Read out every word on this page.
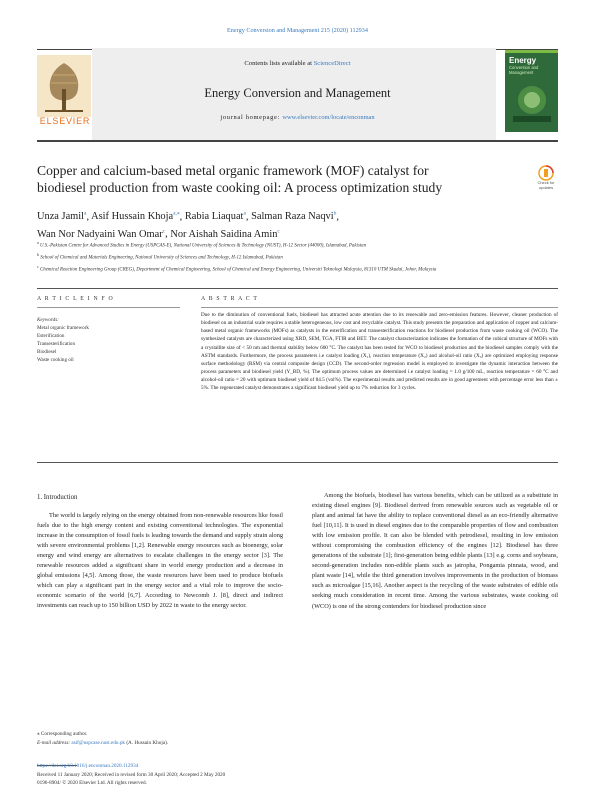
Energy Conversion and Management 215 (2020) 112934
ELSEVIER
Contents lists available at ScienceDirect
Energy Conversion and Management
journal homepage: www.elsevier.com/locate/enconman
Energy
Conversion and Management
Copper and calcium-based metal organic framework (MOF) catalyst for biodiesel production from waste cooking oil: A process optimization study	Check for updates
Unza Jamil$^a$, Asif Hussain Khoja$^{a,⁎}$, Rabia Liaquat$^a$, Salman Raza Naqvi$^b$,
Wan Nor Nadyaini Wan Omar$^c$, Nor Aishah Saidina Amin$^c$
$^a$ U.S.-Pakistan Centre for Advanced Studies in Energy (USPCAS-E), National University of Sciences & Technology (NUST), H-12 Sector (44000), Islamabad, Pakistan
$^b$ School of Chemical and Materials Engineering, National University of Sciences and Technology, H-12 Islamabad, Pakistan
$^c$ Chemical Reaction Engineering Group (CREG), Department of Chemical Engineering, School of Chemical and Energy Engineering, Universiti Teknologi Malaysia, 81310 UTM Skudai, Johor, Malaysia
A R T I C L E I N F O	A B S T R A C T
Keywords:
Metal organic framework
Esterification
Transesterification
Biodiesel
Waste cooking oil
Due to the diminution of conventional fuels, biodiesel has attracted acute attention due to its renewable and zero-emission features. However, cleaner production of biodiesel on an industrial scale requires a stable heterogeneous, low cost and recyclable catalyst. This study presents the preparation and application of copper and calcium-based metal organic frameworks (MOFs) as catalysts in the esterification and transesterification reactions for biodiesel production from waste cooking oil (WCO). The synthesized catalysts are characterized using XRD, SEM, TGA, FTIR and BET. The catalyst characterization indicates the formation of the cubical structure of MOFs with a crystallite size of < 50 nm and thermal stability below 600 °C. The catalyst has been tested for WCO to biodiesel production and the biodiesel samples comply with the ASTM standards. Furthermore, the process parameters i.e catalyst loading (X₁), reaction temperature (X₂) and alcohol-oil ratio (X₃) are optimized employing response surface methodology (RSM) via central composite design (CCD). The second-order regression model is employed to investigate the dynamic interaction between the process parameters and biodiesel yield (Y_BD, %). The optimum process values are determined i.e catalyst loading = 1.0 g/100 mL, reaction temperature = 60 °C and alcohol-oil ratio = 20 with optimum biodiesel yield of 84.5 (vol%). The experimental results and predicted results are in good agreement with percentage error less than ± 5%. The regenerated catalyst demonstrates a significant biodiesel yield up to 7% reduction for 3 cycles.
1. Introduction

The world is largely relying on the energy obtained from non-renewable resources like fossil fuels due to the high energy content and existing conventional technologies. The exponential increase in the consumption of fossil fuels is leading towards the demand and supply strain along with severe environmental problems [1,2]. Renewable energy resources such as bioenergy, solar energy and wind energy are alternatives to escalate challenges in the energy sector [3]. The renewable resources added a significant share in world energy production and a decrease in global emissions [4,5]. Among those, the waste resources have been used to produce biofuels which can play a significant part in the energy sector and a vital role to improve the socio-economic scenario of the world [6,7]. According to Newcomb J. [8], direct and indirect investments can reach up to 150 billion USD by 2022 in waste to the energy sector.

Among the biofuels, biodiesel has various benefits, which can be utilized as a substitute in existing diesel engines [9]. Biodiesel derived from renewable sources such as vegetable oil or plant and animal fat have the ability to replace conventional diesel as an eco-friendly alternative fuel [10,11]. It is used in diesel engines due to the comparable properties of flow and combustion with low emission profile. It can also be blended with petrodiesel, resulting in low emission without compromising the combustion efficiency of the engines [12]. Biodiesel has three generations of the substrate [1]; first-generation being edible plants [13] e.g. corns and soybeans, second-generation includes non-edible plants such as jatropha, Pongamia pinnata, wood, and plant waste [14], while the third generation involves improvements in the production of biomass such as microalgae [15,16]. Another aspect is the recycling of the waste substrates of edible oils seeking much consideration in recent time. Among the various substrates, waste cooking oil (WCO) is one of the strong contenders for biodiesel production since

⁎ Corresponding author.
E-mail address: asif@uspcase.nust.edu.pk (A. Hussain Khoja).
https://doi.org/10.1016/j.enconman.2020.112934
Received 11 January 2020; Received in revised form 30 April 2020; Accepted 2 May 2020
0196-8904/ © 2020 Elsevier Ltd. All rights reserved.
